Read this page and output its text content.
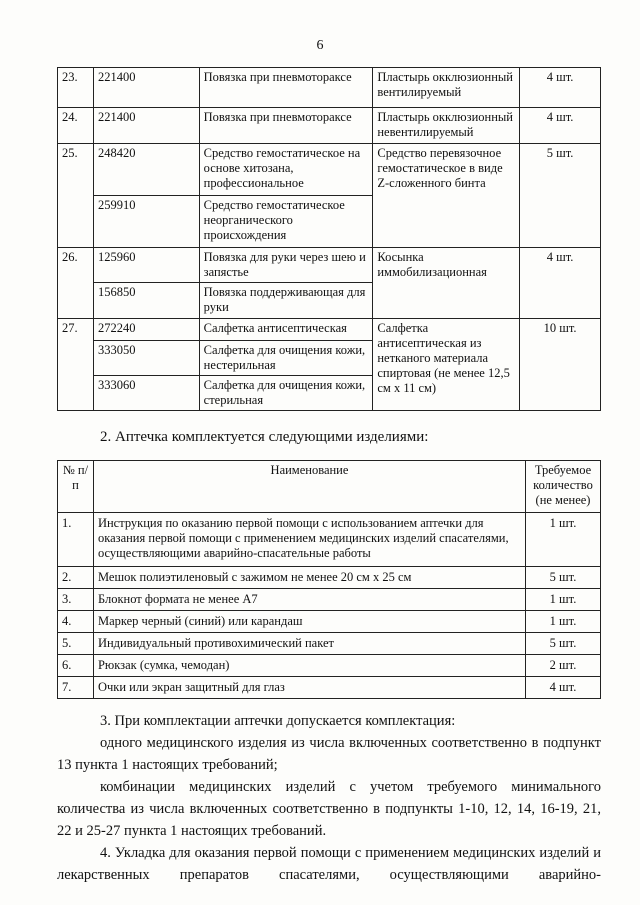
6
23.	221400	Повязка при пневмотораксе	Пластырь окклюзионный вентилируемый	4 шт.
24.	221400	Повязка при пневмотораксе	Пластырь окклюзионный невентилируемый	4 шт.
25.	248420	Средство гемостатическое на основе хитозана, профессиональное	Средство перевязочное гемостатическое в виде Z-сложенного бинта	5 шт.
	259910	Средство гемостатическое неорганического происхождения		
26.	125960	Повязка для руки через шею и запястье	Косынка иммобилизационная	4 шт.
	156850	Повязка поддерживающая для руки		
27.	272240	Салфетка антисептическая	Салфетка антисептическая из нетканого материала спиртовая (не менее 12,5 см х 11 см)	10 шт.
	333050	Салфетка для очищения кожи, нестерильная		
	333060	Салфетка для очищения кожи, стерильная		
2. Аптечка комплектуется следующими изделиями:
№ п/п	Наименование	Требуемое количество (не менее)
1.	Инструкция по оказанию первой помощи с использованием аптечки для оказания первой помощи с применением медицинских изделий спасателями, осуществляющими аварийно-спасательные работы	1 шт.
2.	Мешок полиэтиленовый с зажимом не менее 20 см х 25 см	5 шт.
3.	Блокнот формата не менее А7	1 шт.
4.	Маркер черный (синий) или карандаш	1 шт.
5.	Индивидуальный противохимический пакет	5 шт.
6.	Рюкзак (сумка, чемодан)	2 шт.
7.	Очки или экран защитный для глаз	4 шт.
3. При комплектации аптечки допускается комплектация:
одного медицинского изделия из числа включенных соответственно в подпункт 13 пункта 1 настоящих требований;
комбинации медицинских изделий с учетом требуемого минимального количества из числа включенных соответственно в подпункты 1-10, 12, 14, 16-19, 21, 22 и 25-27 пункта 1 настоящих требований.
4. Укладка для оказания первой помощи с применением медицинских изделий и лекарственных препаратов спасателями, осуществляющими аварийно-
